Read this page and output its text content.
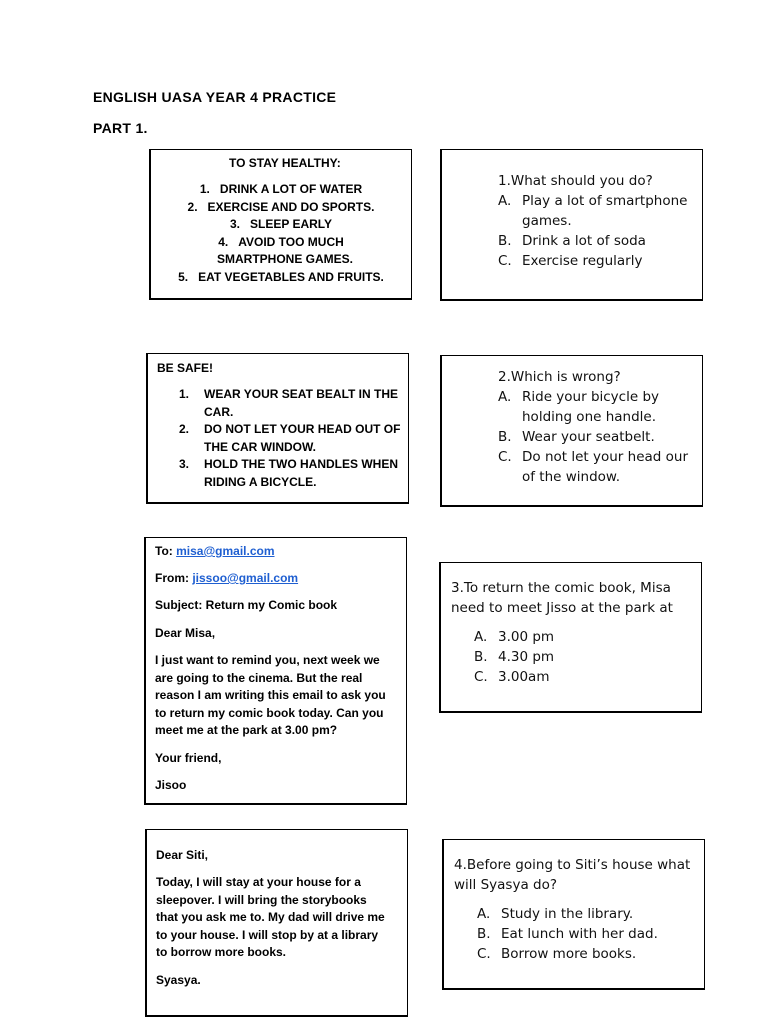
ENGLISH UASA YEAR 4 PRACTICE
PART 1.
TO STAY HEALTHY:
1. DRINK A LOT OF WATER
2. EXERCISE AND DO SPORTS.
3. SLEEP EARLY
4. AVOID TOO MUCH
SMARTPHONE GAMES.
5. EAT VEGETABLES AND FRUITS.
1.What should you do?
A. Play a lot of smartphone
games.
B. Drink a lot of soda
C. Exercise regularly
BE SAFE!
1.	WEAR YOUR SEAT BEALT IN THE
CAR.
2.	DO NOT LET YOUR HEAD OUT OF
THE CAR WINDOW.
3.	HOLD THE TWO HANDLES WHEN
RIDING A BICYCLE.
2.Which is wrong?
A. Ride your bicycle by
holding one handle.
B. Wear your seatbelt.
C. Do not let your head our
of the window.
To: misa@gmail.com
From: jissoo@gmail.com
Subject: Return my Comic book
Dear Misa,
I just want to remind you, next week we
are going to the cinema. But the real
reason I am writing this email to ask you
to return my comic book today. Can you
meet me at the park at 3.00 pm?
Your friend,
Jisoo
3.To return the comic book, Misa
need to meet Jisso at the park at
A. 3.00 pm
B. 4.30 pm
C. 3.00am
Dear Siti,
Today, I will stay at your house for a
sleepover. I will bring the storybooks
that you ask me to. My dad will drive me
to your house. I will stop by at a library
to borrow more books.
Syasya.
4.Before going to Siti’s house what
will Syasya do?
A. Study in the library.
B. Eat lunch with her dad.
C. Borrow more books.
